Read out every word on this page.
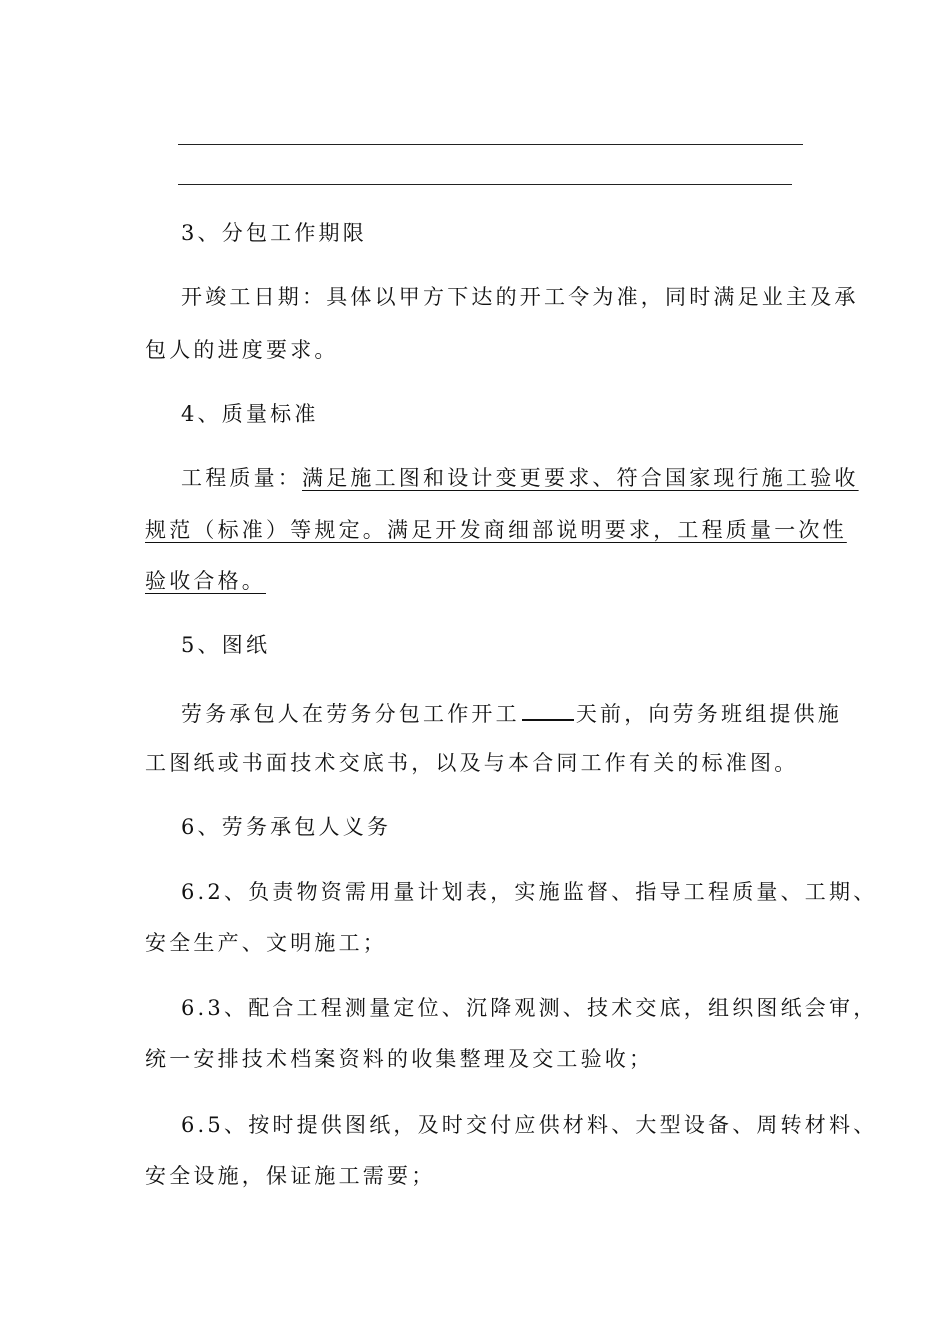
3、分包工作期限
开竣工日期：具体以甲方下达的开工令为准，同时满足业主及承
包人的进度要求。
4、质量标准
工程质量：满足施工图和设计变更要求、符合国家现行施工验收
规范（标准）等规定。满足开发商细部说明要求，工程质量一次性
验收合格。
5、图纸
劳务承包人在劳务分包工作开工	天前，向劳务班组提供施
工图纸或书面技术交底书，以及与本合同工作有关的标准图。
6、劳务承包人义务
6.2、负责物资需用量计划表，实施监督、指导工程质量、工期、
安全生产、文明施工；
6.3、配合工程测量定位、沉降观测、技术交底，组织图纸会审，
统一安排技术档案资料的收集整理及交工验收；
6.5、按时提供图纸，及时交付应供材料、大型设备、周转材料、
安全设施，保证施工需要；
